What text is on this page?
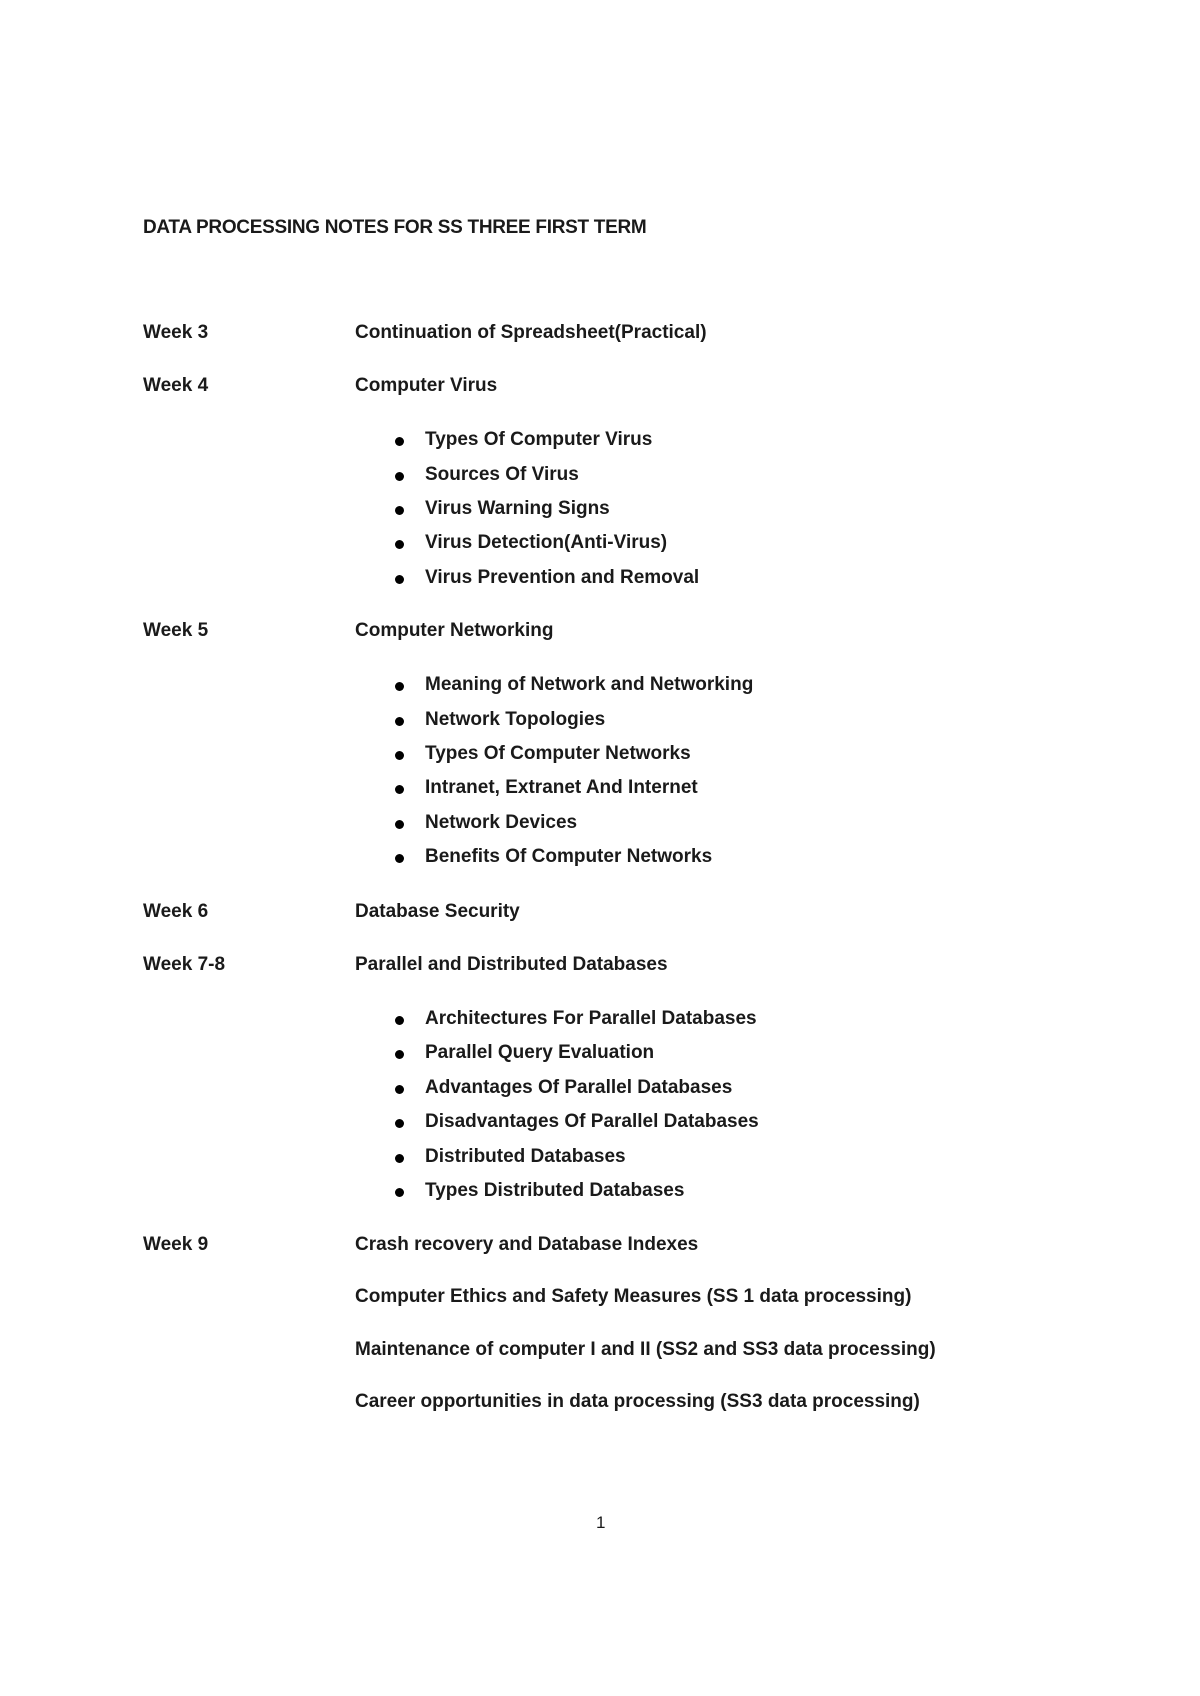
DATA PROCESSING NOTES FOR SS THREE FIRST TERM
Week 3	Continuation of Spreadsheet(Practical)
Week 4	Computer Virus
Types Of Computer Virus
Sources Of Virus
Virus Warning Signs
Virus Detection(Anti-Virus)
Virus Prevention and Removal
Week 5	Computer Networking
Meaning of Network and Networking
Network Topologies
Types Of Computer Networks
Intranet, Extranet And Internet
Network Devices
Benefits Of Computer Networks
Week 6	Database Security
Week 7-8	Parallel and Distributed Databases
Architectures For Parallel Databases
Parallel Query Evaluation
Advantages Of Parallel Databases
Disadvantages Of Parallel Databases
Distributed Databases
Types Distributed Databases
Week 9	Crash recovery and Database Indexes
Computer Ethics and Safety Measures (SS 1 data processing)
Maintenance of computer I and II (SS2 and SS3 data processing)
Career opportunities in data processing (SS3 data processing)
1
